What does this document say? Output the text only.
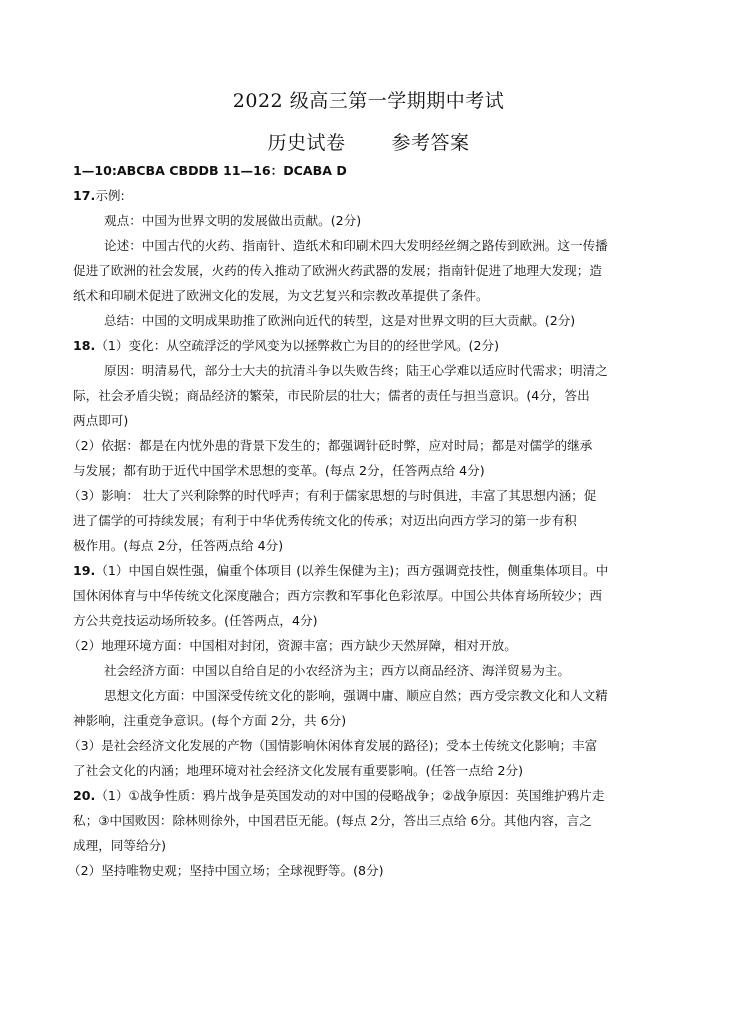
2022 级高三第一学期期中考试
历史试卷 参考答案
1—10:ABCBA CBDDB 11—16：DCABA D
17.示例:
观点：中国为世界文明的发展做出贡献。(2分)
论述：中国古代的火药、指南针、造纸术和印刷术四大发明经丝绸之路传到欧洲。这一传播
促进了欧洲的社会发展，火药的传入推动了欧洲火药武器的发展；指南针促进了地理大发现；造
纸术和印刷术促进了欧洲文化的发展，为文艺复兴和宗教改革提供了条件。
总结：中国的文明成果助推了欧洲向近代的转型，这是对世界文明的巨大贡献。(2分)
18.（1）变化：从空疏浮泛的学风变为以拯弊救亡为目的的经世学风。(2分)
原因：明清易代，部分士大夫的抗清斗争以失败告终；陆王心学难以适应时代需求；明清之
际，社会矛盾尖锐；商品经济的繁荣，市民阶层的壮大；儒者的责任与担当意识。(4分，答出
两点即可)
（2）依据：都是在内忧外患的背景下发生的；都强调针砭时弊，应对时局；都是对儒学的继承
与发展；都有助于近代中国学术思想的变革。(每点 2分，任答两点给 4分)
（3）影响： 壮大了兴利除弊的时代呼声；有利于儒家思想的与时俱进，丰富了其思想内涵；促
进了儒学的可持续发展；有利于中华优秀传统文化的传承；对迈出向西方学习的第一步有积
极作用。(每点 2分，任答两点给 4分)
19.（1）中国自娱性强，偏重个体项目 (以养生保健为主)；西方强调竞技性，侧重集体项目。中
国休闲体育与中华传统文化深度融合；西方宗教和军事化色彩浓厚。中国公共体育场所较少；西
方公共竞技运动场所较多。(任答两点，4分)
（2）地理环境方面：中国相对封闭，资源丰富；西方缺少天然屏障，相对开放。
社会经济方面：中国以自给自足的小农经济为主；西方以商品经济、海洋贸易为主。
思想文化方面：中国深受传统文化的影响，强调中庸、顺应自然；西方受宗教文化和人文精
神影响，注重竞争意识。(每个方面 2分，共 6分)
（3）是社会经济文化发展的产物（国情影响休闲体育发展的路径)；受本土传统文化影响；丰富
了社会文化的内涵；地理环境对社会经济文化发展有重要影响。(任答一点给 2分)
20.（1）①战争性质：鸦片战争是英国发动的对中国的侵略战争；②战争原因：英国维护鸦片走
私；③中国败因：除林则徐外，中国君臣无能。(每点 2分，答出三点给 6分。其他内容，言之
成理，同等给分)
（2）坚持唯物史观；坚持中国立场；全球视野等。(8分)
